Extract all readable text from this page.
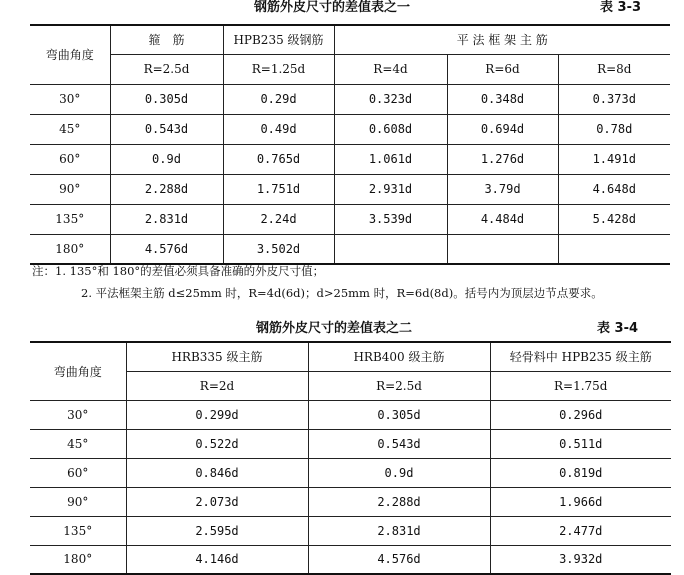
钢筋外皮尺寸的差值表之一	表 3-3
弯曲角度	箍　筋	HPB235 级钢筋	平 法 框 架 主 筋		
	R=2.5d	R=1.25d	R=4d	R=6d	R=8d
30°	0.305d	0.29d	0.323d	0.348d	0.373d
45°	0.543d	0.49d	0.608d	0.694d	0.78d
60°	0.9d	0.765d	1.061d	1.276d	1.491d
90°	2.288d	1.751d	2.931d	3.79d	4.648d
135°	2.831d	2.24d	3.539d	4.484d	5.428d
180°	4.576d	3.502d			
注：1. 135°和 180°的差值必须具备准确的外皮尺寸值；
2. 平法框架主筋 d≤25mm 时，R=4d(6d)；d>25mm 时，R=6d(8d)。括号内为顶层边节点要求。
钢筋外皮尺寸的差值表之二	表 3-4
弯曲角度	HRB335 级主筋	HRB400 级主筋	轻骨料中 HPB235 级主筋
	R=2d	R=2.5d	R=1.75d
30°	0.299d	0.305d	0.296d
45°	0.522d	0.543d	0.511d
60°	0.846d	0.9d	0.819d
90°	2.073d	2.288d	1.966d
135°	2.595d	2.831d	2.477d
180°	4.146d	4.576d	3.932d
